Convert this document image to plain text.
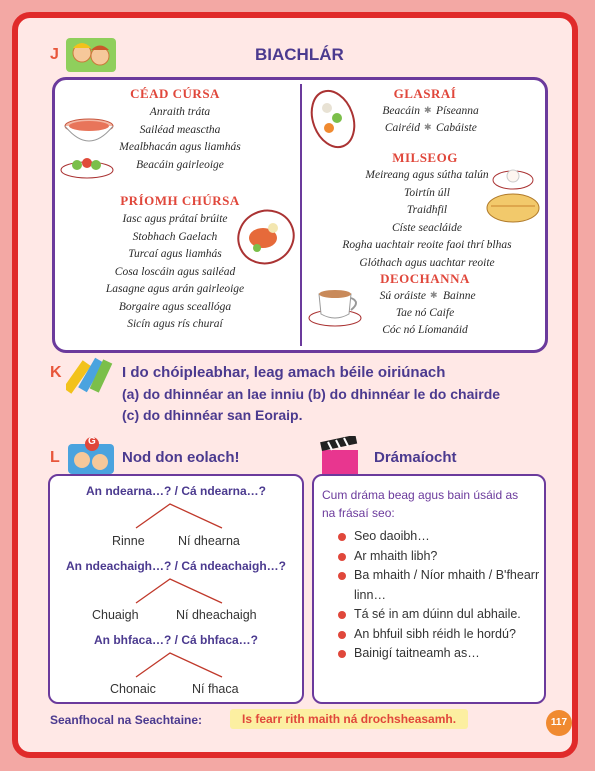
J	BIACHLÁR
CÉAD CÚRSA
Anraith tráta
Sailéad measctha
Mealbhacán agus liamhás
Beacáin gairleoige
PRÍOMH CHÚRSA
Iasc agus prátaí brúite
Stobhach Gaelach
Turcaí agus liamhás
Cosa loscáin agus sailéad
Lasagne agus arán gairleoige
Borgaire agus sceallóga
Sicín agus rís churaí
GLASRAÍ
Beacáin ✱ Píseanna
Cairéid ✱ Cabáiste
MILSEOG
Meireang agus sútha talún
Toirtín úll
Traidhfil
Císte seacláide
Rogha uachtair reoite faoi thrí blhas
Glóthach agus uachtar reoite
DEOCHANNA
Sú oráiste ✱ Bainne
Tae nó Caife
Cóc nó Líomanáid
K	I do chóipleabhar, leag amach béile oiriúnach
(a) do dhinnéar an lae inniu (b) do dhinnéar le do chairde
(c) do dhinnéar san Eoraip.
L
G
Nod don eolach!
An ndearna…? / Cá ndearna…?
Rinne	Ní dhearna
An ndeachaigh…? / Cá ndeachaigh…?
Chuaigh	Ní dheachaigh
An bhfaca…? / Cá bhfaca…?
Chonaic	Ní fhaca
Drámaíocht
Cum dráma beag agus bain úsáid as na frásaí seo:
Seo daoibh…
Ar mhaith libh?
Ba mhaith / Níor mhaith / B'fhearr linn…
Tá sé in am dúinn dul abhaile.
An bhfuil sibh réidh le hordú?
Bainigí taitneamh as…
Seanfhocal na Seachtaine:	Is fearr rith maith ná drochsheasamh.	117
